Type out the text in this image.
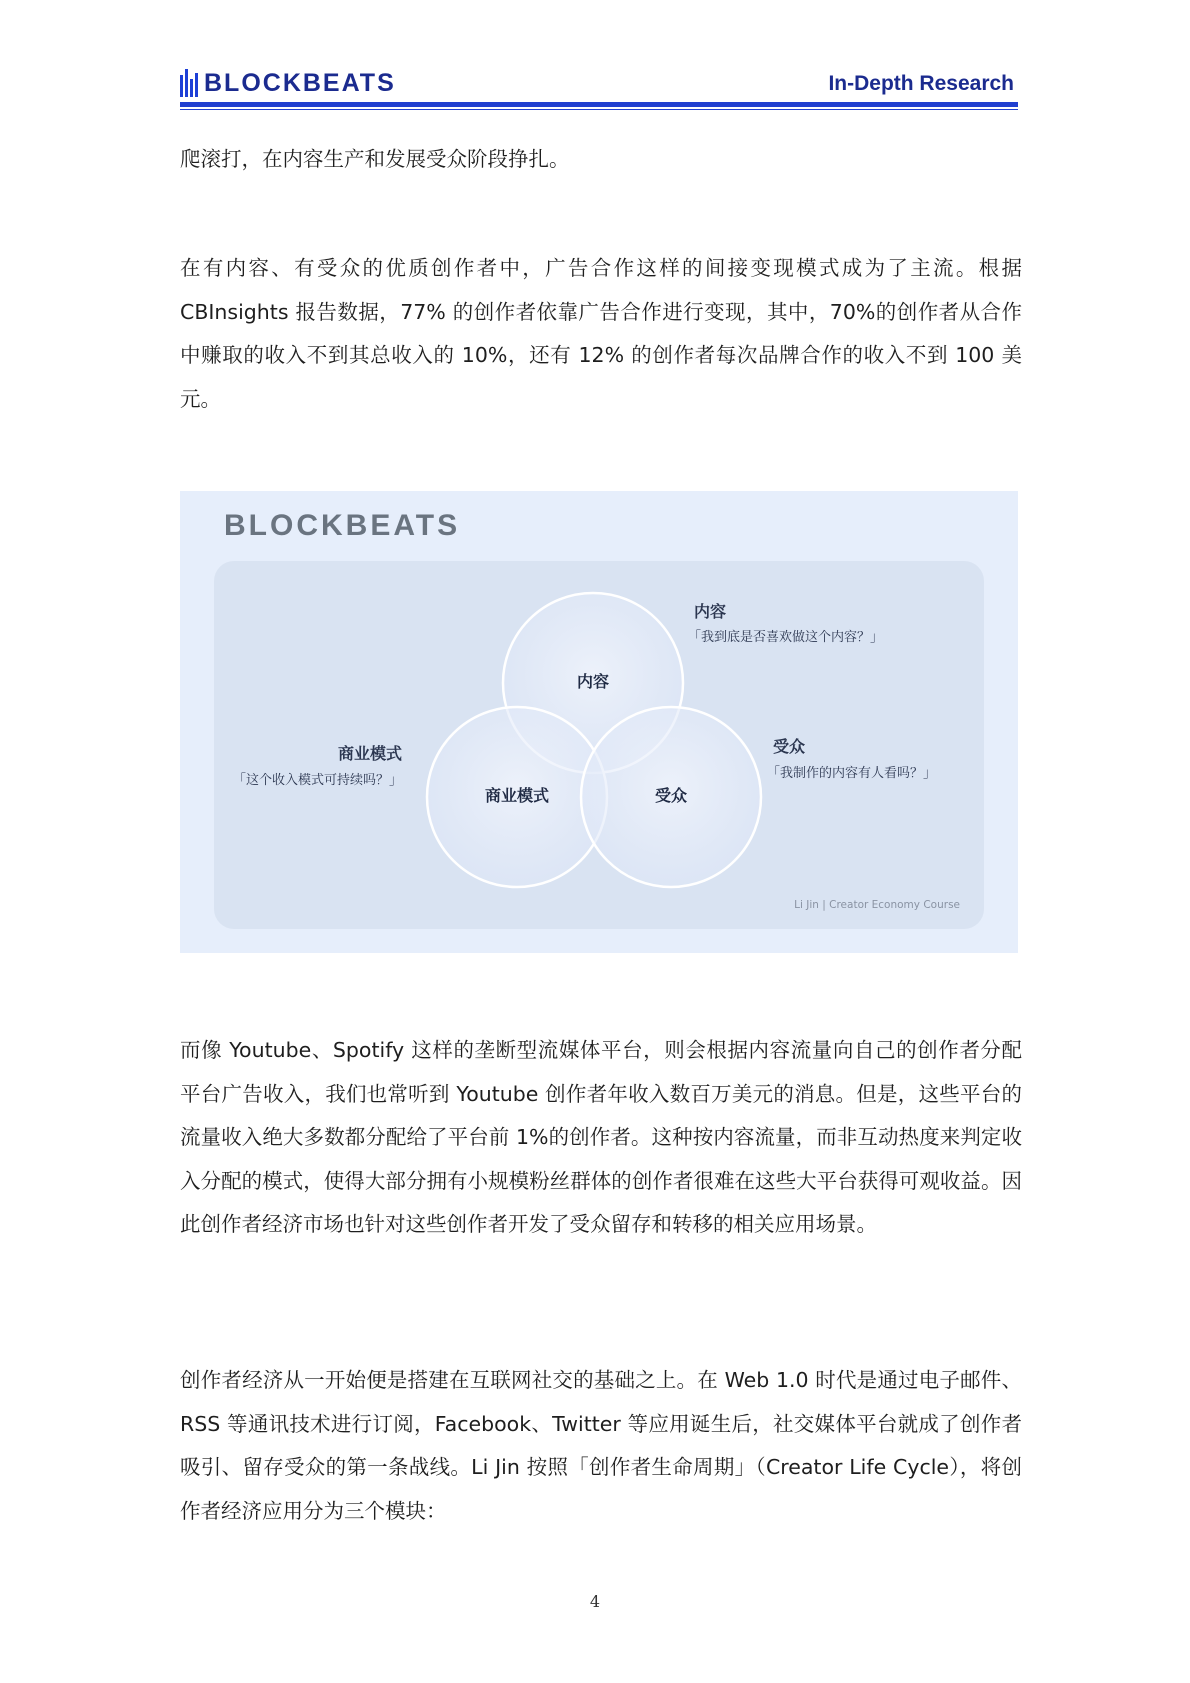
BLOCKBEATS	In-Depth Research
爬滚打，在内容生产和发展受众阶段挣扎。
在有内容、有受众的优质创作者中，广告合作这样的间接变现模式成为了主流。根据 CBInsights 报告数据，77% 的创作者依靠广告合作进行变现，其中，70%的创作者从合作中赚取的收入不到其总收入的 10%，还有 12% 的创作者每次品牌合作的收入不到 100 美元。
BLOCKBEATS
内容
商业模式	受众
内容
「我到底是否喜欢做这个内容？」
受众
「我制作的内容有人看吗？」
商业模式
「这个收入模式可持续吗？」
Li Jin | Creator Economy Course
而像 Youtube、Spotify 这样的垄断型流媒体平台，则会根据内容流量向自己的创作者分配平台广告收入，我们也常听到 Youtube 创作者年收入数百万美元的消息。但是，这些平台的流量收入绝大多数都分配给了平台前 1%的创作者。这种按内容流量，而非互动热度来判定收入分配的模式，使得大部分拥有小规模粉丝群体的创作者很难在这些大平台获得可观收益。因此创作者经济市场也针对这些创作者开发了受众留存和转移的相关应用场景。
创作者经济从一开始便是搭建在互联网社交的基础之上。在 Web 1.0 时代是通过电子邮件、RSS 等通讯技术进行订阅，Facebook、Twitter 等应用诞生后，社交媒体平台就成了创作者吸引、留存受众的第一条战线。Li Jin 按照「创作者生命周期」（Creator Life Cycle），将创作者经济应用分为三个模块：
4
